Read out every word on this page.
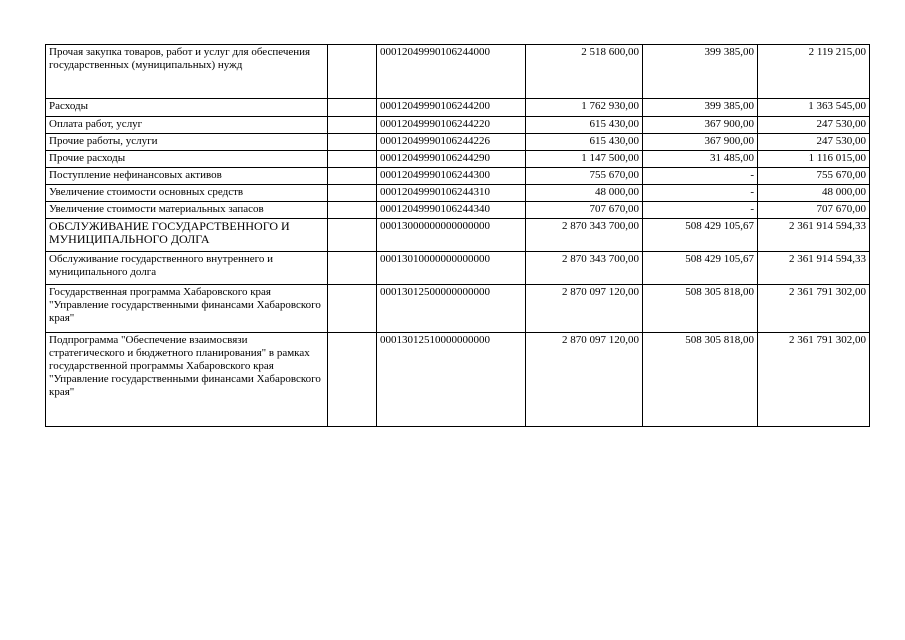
Прочая закупка товаров, работ и услуг для обеспечения государственных (муниципальных) нужд		00012049990106244000	2 518 600,00	399 385,00	2 119 215,00
Расходы		00012049990106244200	1 762 930,00	399 385,00	1 363 545,00
Оплата работ, услуг		00012049990106244220	615 430,00	367 900,00	247 530,00
Прочие работы, услуги		00012049990106244226	615 430,00	367 900,00	247 530,00
Прочие расходы		00012049990106244290	1 147 500,00	31 485,00	1 116 015,00
Поступление нефинансовых активов		00012049990106244300	755 670,00	-	755 670,00
Увеличение стоимости основных средств		00012049990106244310	48 000,00	-	48 000,00
Увеличение стоимости материальных запасов		00012049990106244340	707 670,00	-	707 670,00
ОБСЛУЖИВАНИЕ ГОСУДАРСТВЕННОГО И МУНИЦИПАЛЬНОГО ДОЛГА		00013000000000000000	2 870 343 700,00	508 429 105,67	2 361 914 594,33
Обслуживание государственного внутреннего и муниципального долга		00013010000000000000	2 870 343 700,00	508 429 105,67	2 361 914 594,33
Государственная программа Хабаровского края "Управление государственными финансами Хабаровского края"		00013012500000000000	2 870 097 120,00	508 305 818,00	2 361 791 302,00
Подпрограмма "Обеспечение взаимосвязи стратегического и бюджетного планирования" в рамках государственной программы Хабаровского края "Управление государственными финансами Хабаровского края"		00013012510000000000	2 870 097 120,00	508 305 818,00	2 361 791 302,00
